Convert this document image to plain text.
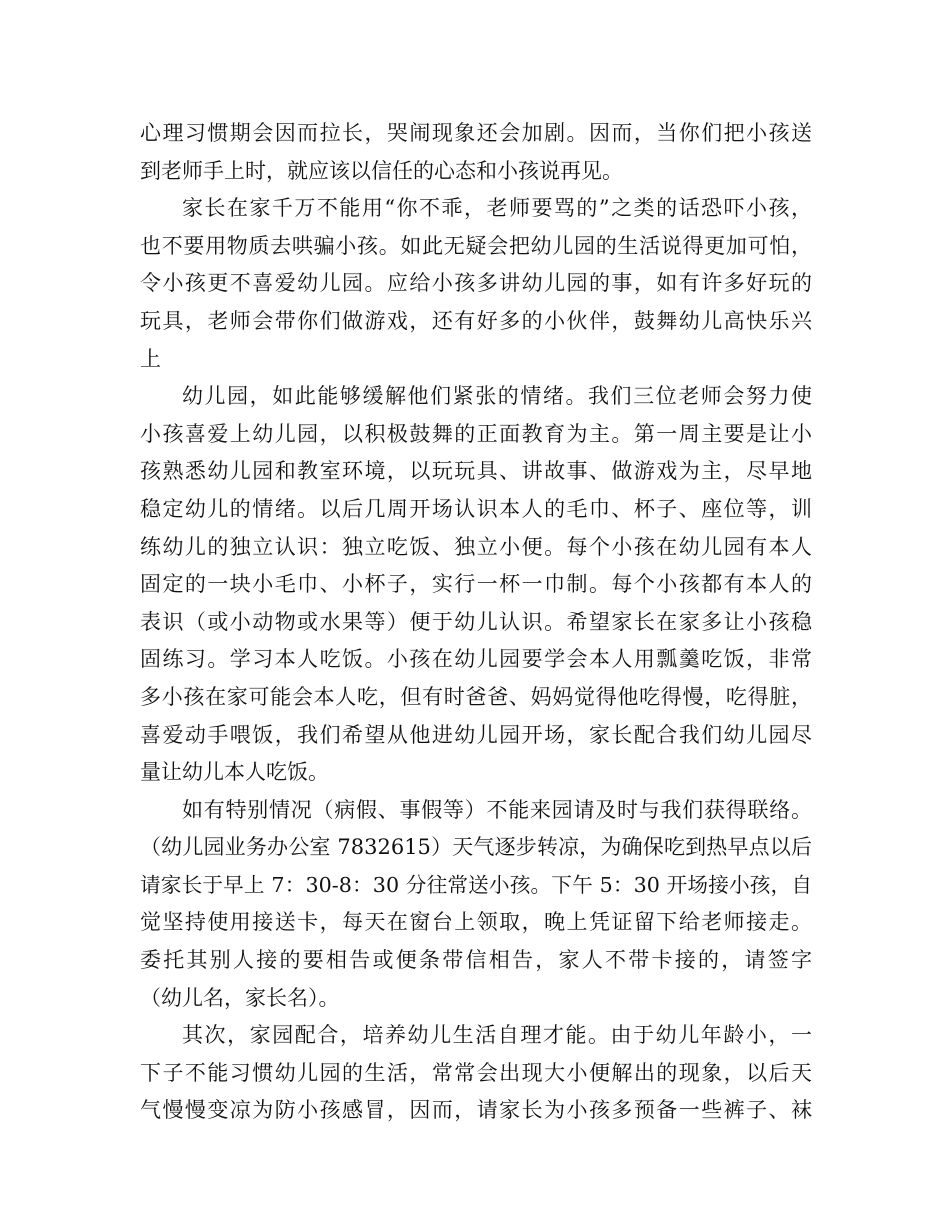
心理习惯期会因而拉长，哭闹现象还会加剧。因而，当你们把小孩送
到老师手上时，就应该以信任的心态和小孩说再见。
家长在家千万不能用“你不乖，老师要骂的”之类的话恐吓小孩，
也不要用物质去哄骗小孩。如此无疑会把幼儿园的生活说得更加可怕，
令小孩更不喜爱幼儿园。应给小孩多讲幼儿园的事，如有许多好玩的
玩具，老师会带你们做游戏，还有好多的小伙伴，鼓舞幼儿高快乐兴
上
幼儿园，如此能够缓解他们紧张的情绪。我们三位老师会努力使
小孩喜爱上幼儿园，以积极鼓舞的正面教育为主。第一周主要是让小
孩熟悉幼儿园和教室环境，以玩玩具、讲故事、做游戏为主，尽早地
稳定幼儿的情绪。以后几周开场认识本人的毛巾、杯子、座位等，训
练幼儿的独立认识：独立吃饭、独立小便。每个小孩在幼儿园有本人
固定的一块小毛巾、小杯子，实行一杯一巾制。每个小孩都有本人的
表识（或小动物或水果等）便于幼儿认识。希望家长在家多让小孩稳
固练习。学习本人吃饭。小孩在幼儿园要学会本人用瓢羹吃饭，非常
多小孩在家可能会本人吃，但有时爸爸、妈妈觉得他吃得慢，吃得脏，
喜爱动手喂饭，我们希望从他进幼儿园开场，家长配合我们幼儿园尽
量让幼儿本人吃饭。
如有特别情况（病假、事假等）不能来园请及时与我们获得联络。
（幼儿园业务办公室 7832615）天气逐步转凉，为确保吃到热早点以后
请家长于早上 7：30-8：30 分往常送小孩。下午 5：30 开场接小孩，自
觉坚持使用接送卡，每天在窗台上领取，晚上凭证留下给老师接走。
委托其别人接的要相告或便条带信相告，家人不带卡接的，请签字
（幼儿名，家长名）。
其次，家园配合，培养幼儿生活自理才能。由于幼儿年龄小，一
下子不能习惯幼儿园的生活，常常会出现大小便解出的现象，以后天
气慢慢变凉为防小孩感冒，因而，请家长为小孩多预备一些裤子、袜
